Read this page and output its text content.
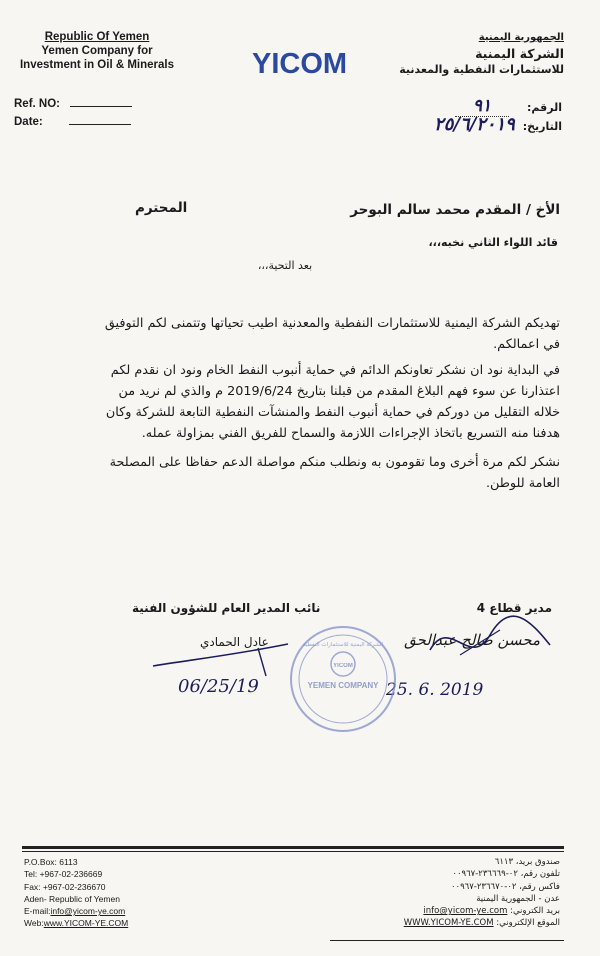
Republic Of Yemen
Yemen Company for
Investment in Oil & Minerals	YICOM
الجمهورية اليمنية
الشركة اليمنية
للاستثمارات النفطية والمعدنية
Ref. NO:
Date:
الرقم: ٩١
التاريخ: ٢٥/٦/٢٠١٩
الأخ / المقدم محمد سالم البوحر
المحترم
قائد اللواء الثاني نخبه،،،
بعد التحية،،،
تهديكم الشركة اليمنية للاستثمارات النفطية والمعدنية اطيب تحياتها وتتمنى لكم التوفيق
في اعمالكم.
في البداية نود ان نشكر تعاونكم الدائم في حماية أنبوب النفط الخام ونود ان نقدم لكم
اعتذارنا عن سوء فهم البلاغ المقدم من قبلنا بتاريخ 2019/6/24 م والذي لم نريد من
خلاله التقليل من دوركم في حماية أنبوب النفط والمنشآت النفطية التابعة للشركة وكان
هدفنا منه التسريع باتخاذ الإجراءات اللازمة والسماح للفريق الفني بمزاولة عمله.
نشكر لكم مرة أخرى وما تقومون به ونطلب منكم مواصلة الدعم حفاظا على المصلحة
العامة للوطن.
مدير قطاع 4
محسن صالح عبدالحق
25. 6. 2019
نائب المدير العام للشؤون الفنية
عادل الحمادي
06/25/19
YICOM
YEMEN COMPANY
الشركة اليمنية للاستثمارات النفطية
P.O.Box: 6113
Tel: +967-02-236669
Fax: +967-02-236670
Aden- Republic of Yemen
E-mail:info@yicom-ye.com
Web:www.YICOM-YE.COM
صندوق بريد، ٦١١٣
تلفون رقم، ٠٢-٢٣٦٦٦٩-٠٠٩٦٧
فاكس رقم، ٠٢-٢٣٦٦٧٠-٠٠٩٦٧
عدن - الجمهورية اليمنية
بريد الكتروني: info@yicom-ye.com
الموقع الإلكتروني: WWW.YICOM-YE.COM
